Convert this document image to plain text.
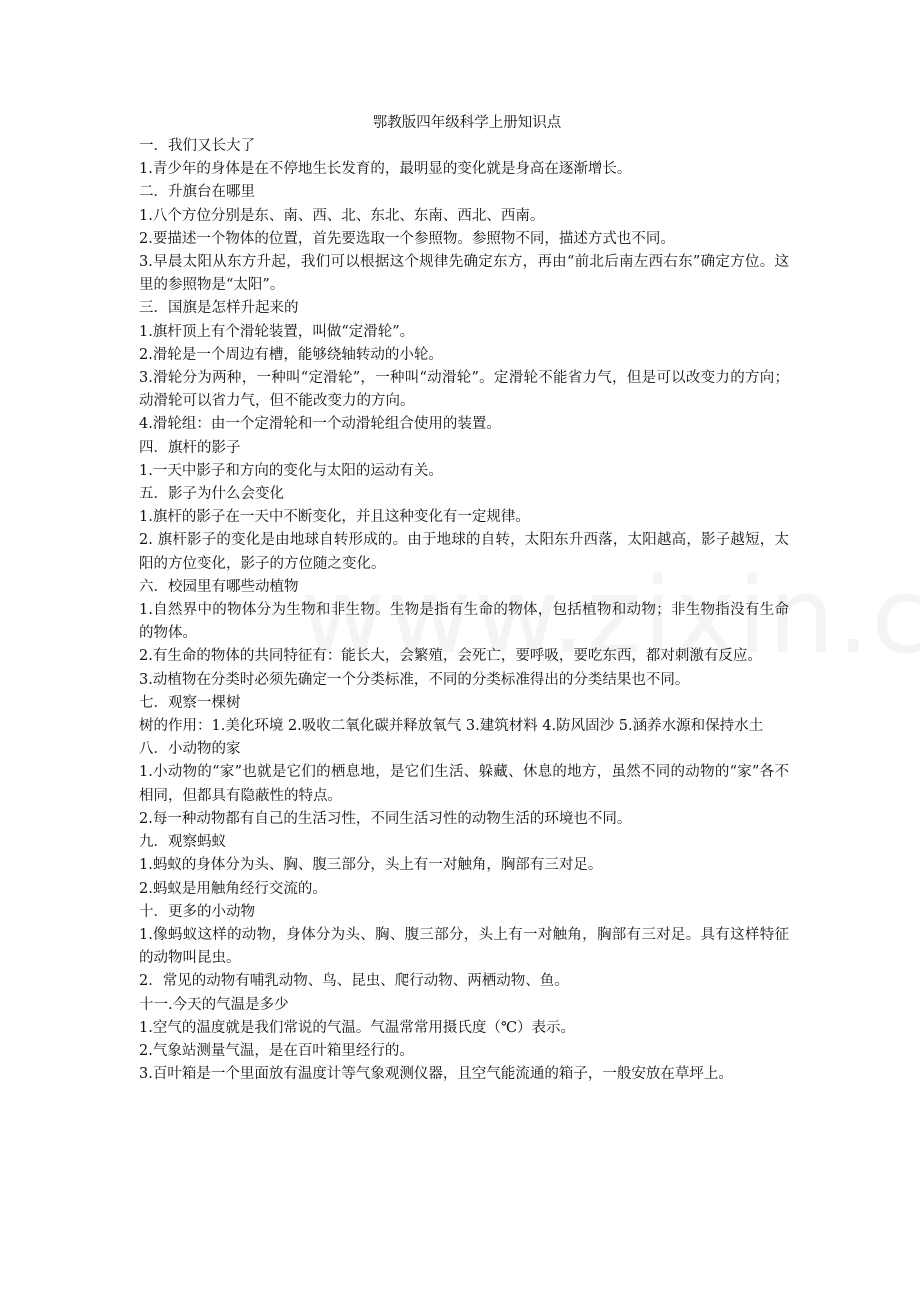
鄂教版四年级科学上册知识点
一．我们又长大了
1.青少年的身体是在不停地生长发育的，最明显的变化就是身高在逐渐增长。
二．升旗台在哪里
1.八个方位分别是东、南、西、北、东北、东南、西北、西南。
2.要描述一个物体的位置，首先要选取一个参照物。参照物不同，描述方式也不同。
3.早晨太阳从东方升起，我们可以根据这个规律先确定东方，再由“前北后南左西右东”确定方位。这里的参照物是“太阳”。
三．国旗是怎样升起来的
1.旗杆顶上有个滑轮装置，叫做“定滑轮”。
2.滑轮是一个周边有槽，能够绕轴转动的小轮。
3.滑轮分为两种，一种叫“定滑轮”，一种叫“动滑轮”。定滑轮不能省力气，但是可以改变力的方向；动滑轮可以省力气，但不能改变力的方向。
4.滑轮组：由一个定滑轮和一个动滑轮组合使用的装置。
四．旗杆的影子
1.一天中影子和方向的变化与太阳的运动有关。
五．影子为什么会变化
1.旗杆的影子在一天中不断变化，并且这种变化有一定规律。
2. 旗杆影子的变化是由地球自转形成的。由于地球的自转，太阳东升西落，太阳越高，影子越短，太阳的方位变化，影子的方位随之变化。
六．校园里有哪些动植物
1.自然界中的物体分为生物和非生物。生物是指有生命的物体，包括植物和动物；非生物指没有生命的物体。
2.有生命的物体的共同特征有：能长大，会繁殖，会死亡，要呼吸，要吃东西，都对刺激有反应。
3.动植物在分类时必须先确定一个分类标准，不同的分类标准得出的分类结果也不同。
七．观察一棵树
树的作用：1.美化环境 2.吸收二氧化碳并释放氧气 3.建筑材料 4.防风固沙 5.涵养水源和保持水土
八．小动物的家
1.小动物的“家”也就是它们的栖息地，是它们生活、躲藏、休息的地方，虽然不同的动物的“家”各不相同，但都具有隐蔽性的特点。
2.每一种动物都有自己的生活习性，不同生活习性的动物生活的环境也不同。
九．观察蚂蚁
1.蚂蚁的身体分为头、胸、腹三部分，头上有一对触角，胸部有三对足。
2.蚂蚁是用触角经行交流的。
十．更多的小动物
1.像蚂蚁这样的动物，身体分为头、胸、腹三部分，头上有一对触角，胸部有三对足。具有这样特征的动物叫昆虫。
2．常见的动物有哺乳动物、鸟、昆虫、爬行动物、两栖动物、鱼。
十一.今天的气温是多少
1.空气的温度就是我们常说的气温。气温常常用摄氏度（℃）表示。
2.气象站测量气温，是在百叶箱里经行的。
3.百叶箱是一个里面放有温度计等气象观测仪器，且空气能流通的箱子，一般安放在草坪上。
